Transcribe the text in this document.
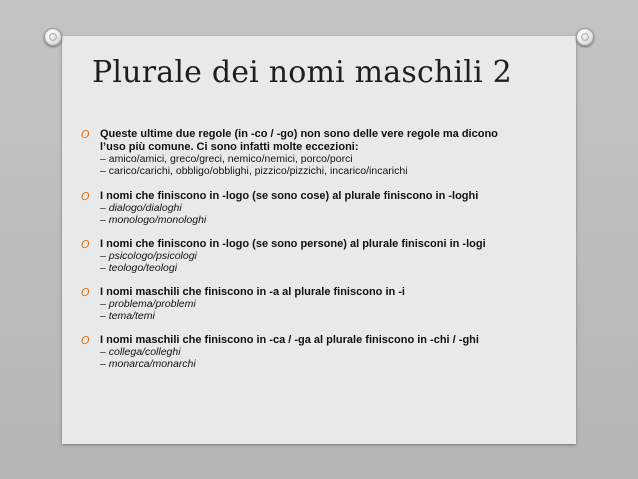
Plurale dei nomi maschili 2
O Queste ultime due regole (in -co / -go) non sono delle vere regole ma dicono
l’uso più comune. Ci sono infatti molte eccezioni:
– amico/amici, greco/greci, nemico/nemici, porco/porci
– carico/carichi, obbligo/obblighi, pizzico/pizzichi, incarico/incarichi
O I nomi che finiscono in -logo (se sono cose) al plurale finiscono in -loghi
– dialogo/dialoghi
– monologo/monologhi
O I nomi che finiscono in -logo (se sono persone) al plurale finisconi in -logi
– psicologo/psicologi
– teologo/teologi
O I nomi maschili che finiscono in -a al plurale finiscono in -i
– problema/problemi
– tema/temi
O I nomi maschili che finiscono in -ca / -ga al plurale finiscono in -chi / -ghi
– collega/colleghi
– monarca/monarchi
